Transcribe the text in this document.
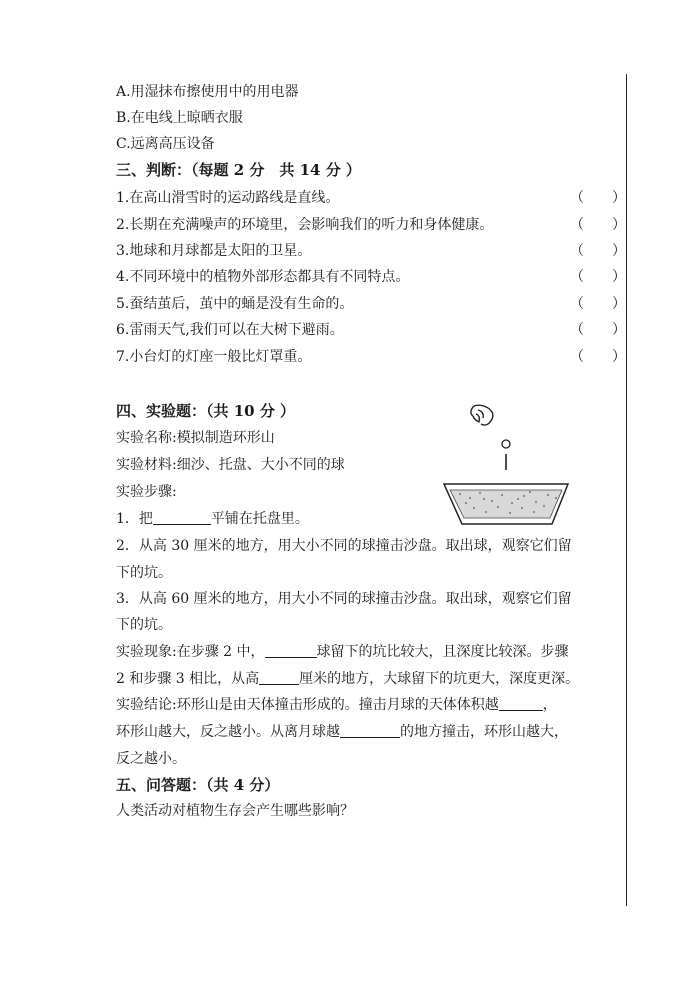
A.用湿抹布擦使用中的用电器
B.在电线上晾晒衣服
C.远离高压设备
三、判断：（每题 2 分　共 14 分 ）
1.在高山滑雪时的运动路线是直线。	（　　）
2.长期在充满噪声的环境里，会影响我们的听力和身体健康。	（　　）
3.地球和月球都是太阳的卫星。	（　　）
4.不同环境中的植物外部形态都具有不同特点。	（　　）
5.蚕结茧后，茧中的蛹是没有生命的。	（　　）
6.雷雨天气,我们可以在大树下避雨。	（　　）
7.小台灯的灯座一般比灯罩重。	（　　）
四、实验题：（共 10 分 ）
实验名称:模拟制造环形山
实验材料:细沙、托盘、大小不同的球
实验步骤:
1．把	平铺在托盘里。
2．从高 30 厘米的地方，用大小不同的球撞击沙盘。取出球，观察它们留
下的坑。
3．从高 60 厘米的地方，用大小不同的球撞击沙盘。取出球，观察它们留
下的坑。
实验现象:在步骤 2 中，	球留下的坑比较大，且深度比较深。步骤
2 和步骤 3 相比，从高	厘米的地方，大球留下的坑更大，深度更深。
实验结论:环形山是由天体撞击形成的。撞击月球的天体体积越	，
环形山越大，反之越小。从离月球越	的地方撞击，环形山越大，
反之越小。
五、问答题：（共 4 分）
人类活动对植物生存会产生哪些影响？
